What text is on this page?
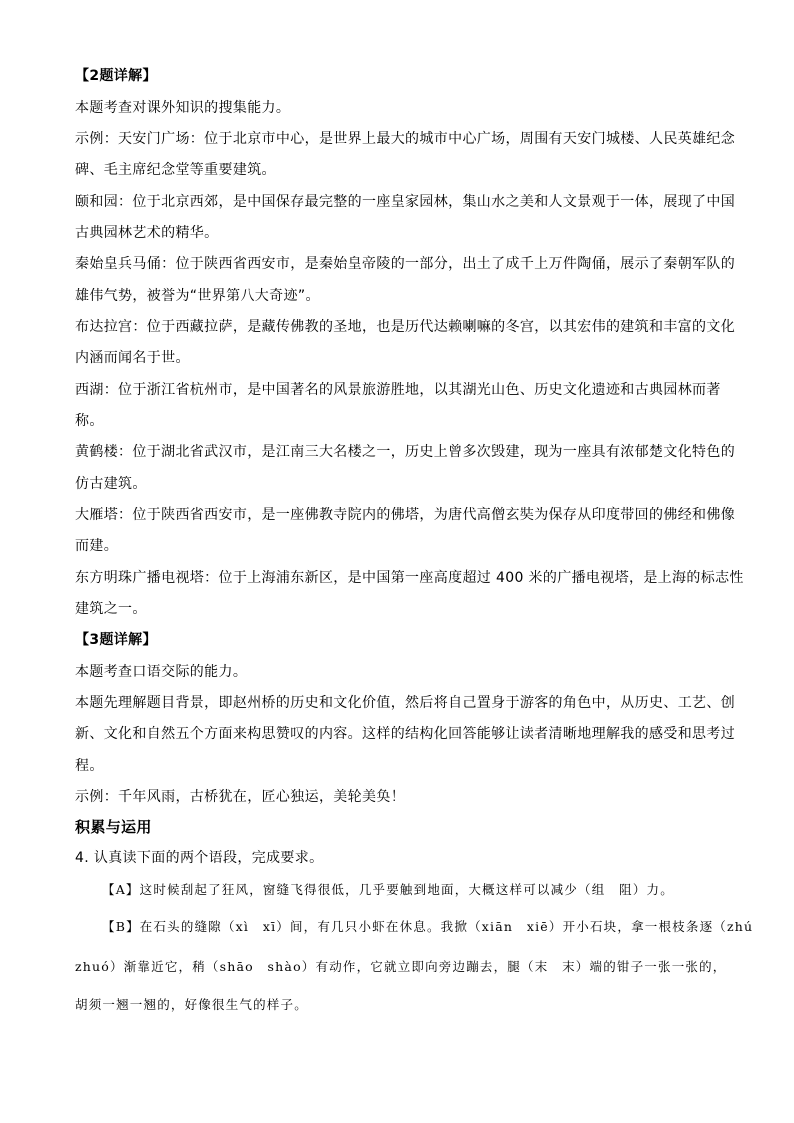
【2题详解】
本题考查对课外知识的搜集能力。
示例：天安门广场：位于北京市中心，是世界上最大的城市中心广场，周围有天安门城楼、人民英雄纪念
碑、毛主席纪念堂等重要建筑。
颐和园：位于北京西郊，是中国保存最完整的一座皇家园林，集山水之美和人文景观于一体，展现了中国
古典园林艺术的精华。
秦始皇兵马俑：位于陕西省西安市，是秦始皇帝陵的一部分，出土了成千上万件陶俑，展示了秦朝军队的
雄伟气势，被誉为“世界第八大奇迹”。
布达拉宫：位于西藏拉萨，是藏传佛教的圣地，也是历代达赖喇嘛的冬宫，以其宏伟的建筑和丰富的文化
内涵而闻名于世。
西湖：位于浙江省杭州市，是中国著名的风景旅游胜地，以其湖光山色、历史文化遗迹和古典园林而著
称。
黄鹤楼：位于湖北省武汉市，是江南三大名楼之一，历史上曾多次毁建，现为一座具有浓郁楚文化特色的
仿古建筑。
大雁塔：位于陕西省西安市，是一座佛教寺院内的佛塔，为唐代高僧玄奘为保存从印度带回的佛经和佛像
而建。
东方明珠广播电视塔：位于上海浦东新区，是中国第一座高度超过 400 米的广播电视塔，是上海的标志性
建筑之一。
【3题详解】
本题考查口语交际的能力。
本题先理解题目背景，即赵州桥的历史和文化价值，然后将自己置身于游客的角色中，从历史、工艺、创
新、文化和自然五个方面来构思赞叹的内容。这样的结构化回答能够让读者清晰地理解我的感受和思考过
程。
示例：千年风雨，古桥犹在，匠心独运，美轮美奂！
积累与运用
4. 认真读下面的两个语段，完成要求。
【A】这时候刮起了狂风，窗缝飞得很低，几乎要触到地面，大概这样可以减少（组　阻）力。
【B】在石头的缝隙（xì　xī）间，有几只小虾在休息。我掀（xiān　xiē）开小石块，拿一根枝条逐（zhú
zhuó）渐靠近它，稍（shāo　shào）有动作，它就立即向旁边蹦去，腿（末　末）端的钳子一张一张的，
胡须一翘一翘的，好像很生气的样子。
